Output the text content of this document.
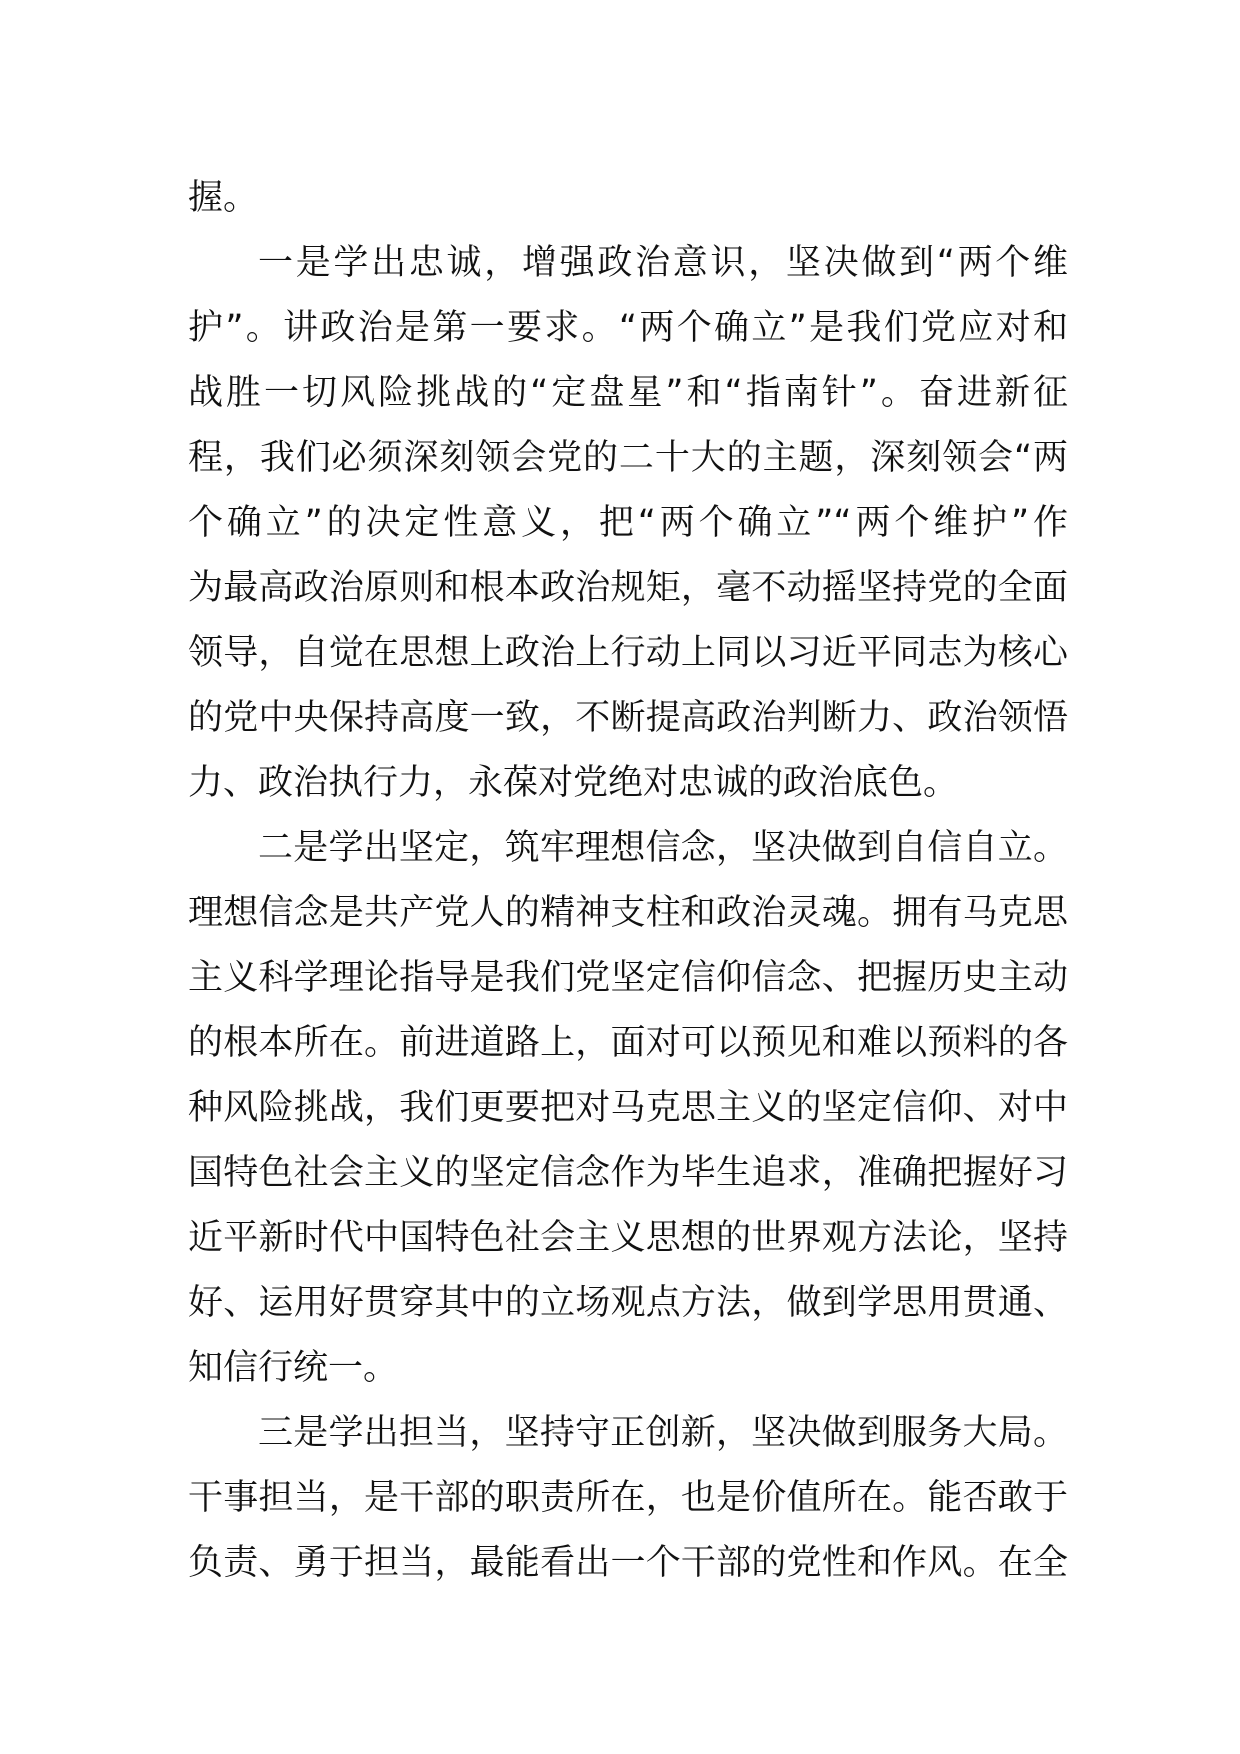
握。
一是学出忠诚，增强政治意识，坚决做到“两个维
护”。讲政治是第一要求。“两个确立”是我们党应对和
战胜一切风险挑战的“定盘星”和“指南针”。奋进新征
程，我们必须深刻领会党的二十大的主题，深刻领会“两
个确立”的决定性意义，把“两个确立”“两个维护”作
为最高政治原则和根本政治规矩，毫不动摇坚持党的全面
领导，自觉在思想上政治上行动上同以习近平同志为核心
的党中央保持高度一致，不断提高政治判断力、政治领悟
力、政治执行力，永葆对党绝对忠诚的政治底色。
二是学出坚定，筑牢理想信念，坚决做到自信自立。
理想信念是共产党人的精神支柱和政治灵魂。拥有马克思
主义科学理论指导是我们党坚定信仰信念、把握历史主动
的根本所在。前进道路上，面对可以预见和难以预料的各
种风险挑战，我们更要把对马克思主义的坚定信仰、对中
国特色社会主义的坚定信念作为毕生追求，准确把握好习
近平新时代中国特色社会主义思想的世界观方法论，坚持
好、运用好贯穿其中的立场观点方法，做到学思用贯通、
知信行统一。
三是学出担当，坚持守正创新，坚决做到服务大局。
干事担当，是干部的职责所在，也是价值所在。能否敢于
负责、勇于担当，最能看出一个干部的党性和作风。在全
